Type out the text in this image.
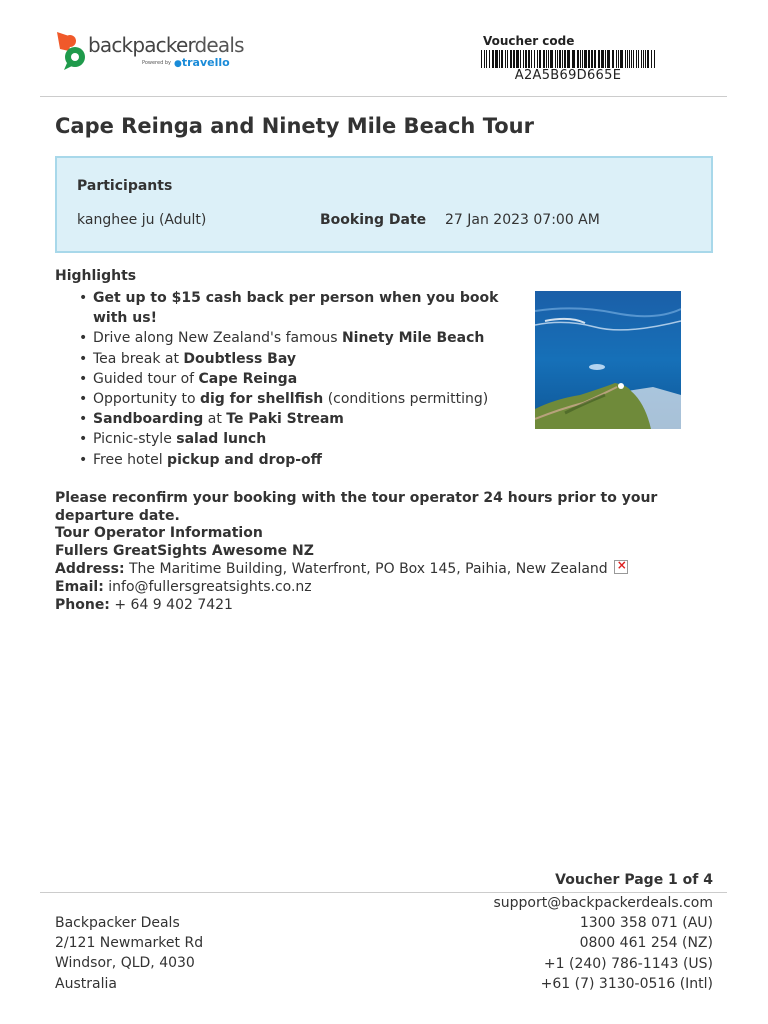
backpackerdeals
Powered by ●travello
Voucher code
A2A5B69D665E
Cape Reinga and Ninety Mile Beach Tour
Participants
kanghee ju (Adult)	Booking Date 27 Jan 2023 07:00 AM
Highlights
• Get up to $15 cash back per person when you book with us!
• Drive along New Zealand's famous Ninety Mile Beach
• Tea break at Doubtless Bay
• Guided tour of Cape Reinga
• Opportunity to dig for shellfish (conditions permitting)
• Sandboarding at Te Paki Stream
• Picnic-style salad lunch
• Free hotel pickup and drop-off
Please reconfirm your booking with the tour operator 24 hours prior to your departure date.
Tour Operator Information
Fullers GreatSights Awesome NZ
Address: The Maritime Building, Waterfront, PO Box 145, Paihia, New Zealand×
Email: info@fullersgreatsights.co.nz
Phone: + 64 9 402 7421
Voucher Page 1 of 4
Backpacker Deals
2/121 Newmarket Rd
Windsor, QLD, 4030
Australia
support@backpackerdeals.com
1300 358 071 (AU)
0800 461 254 (NZ)
+1 (240) 786-1143 (US)
+61 (7) 3130-0516 (Intl)
